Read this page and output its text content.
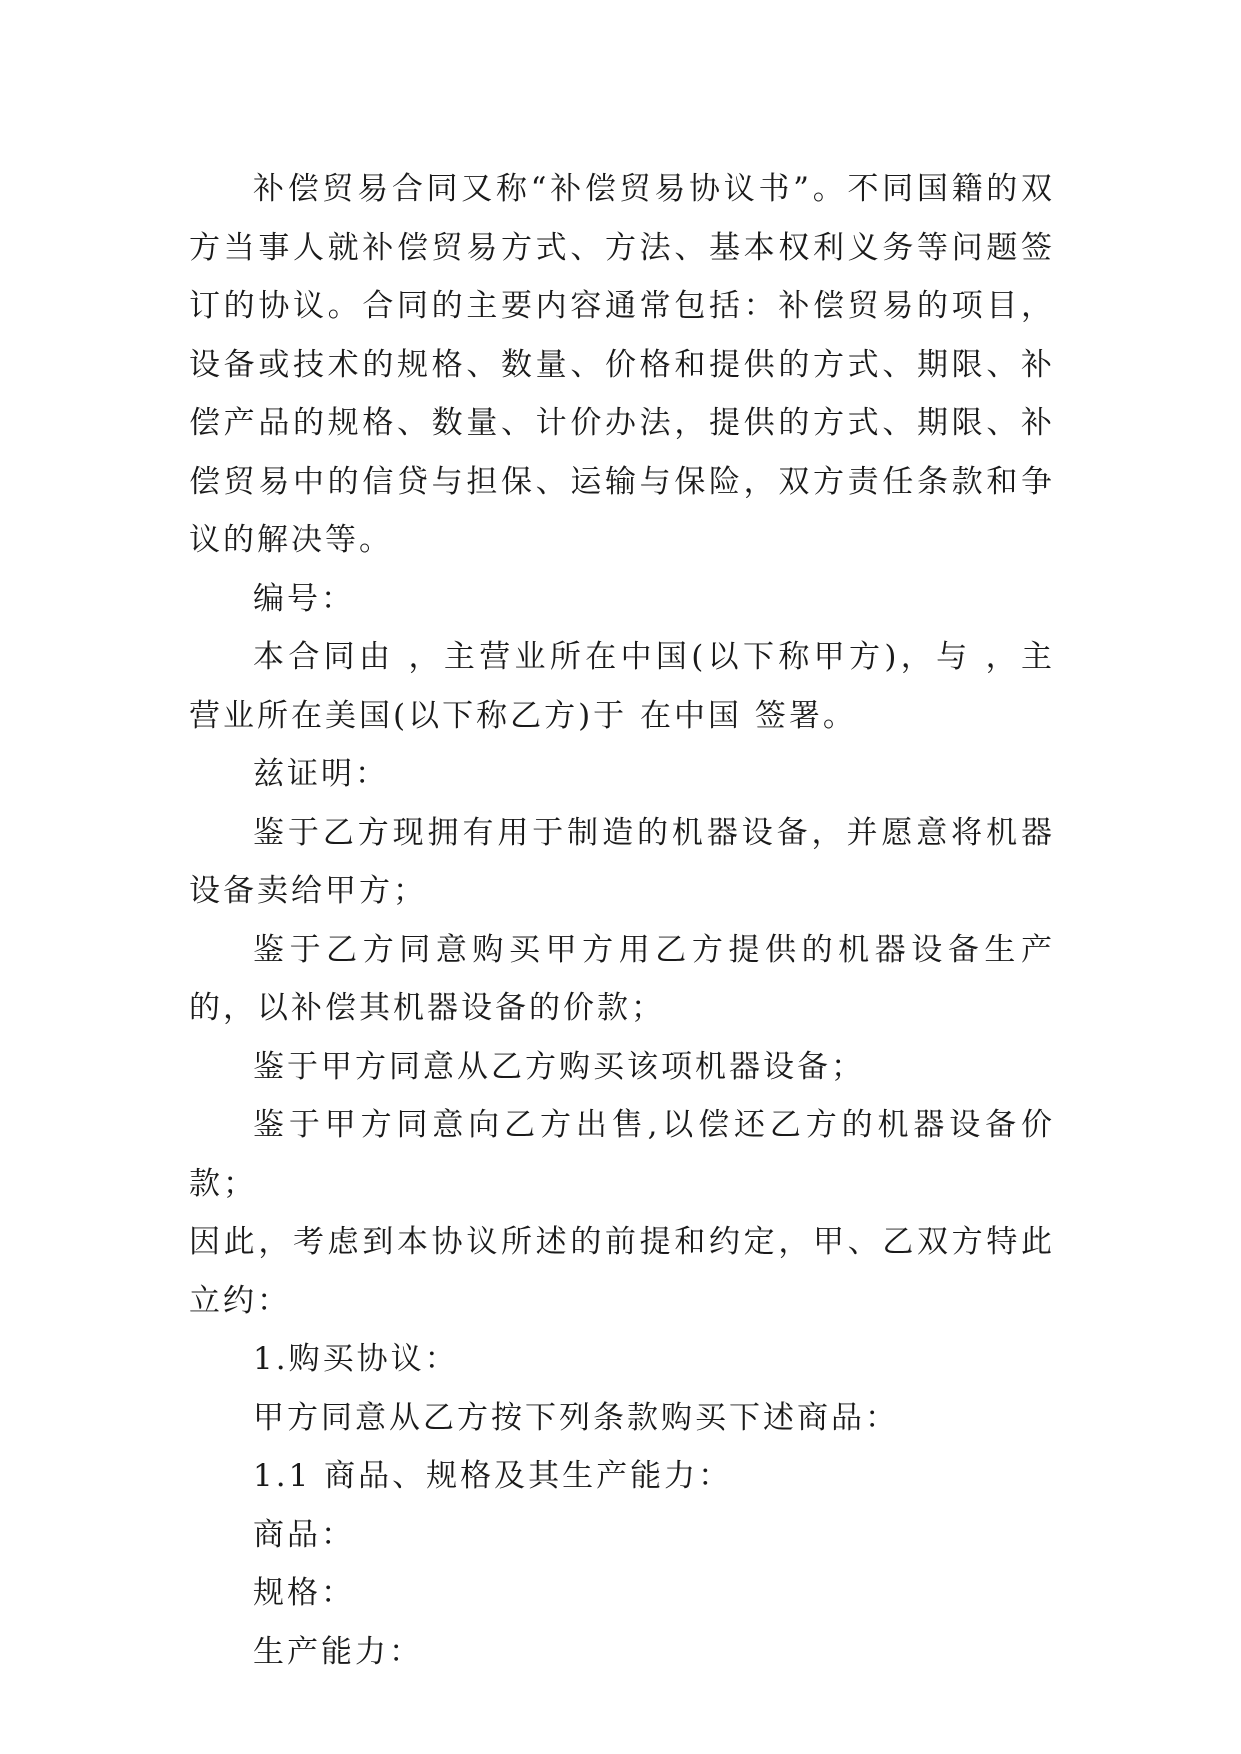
补偿贸易合同又称“补偿贸易协议书”。不同国籍的双方当事人就补偿贸易方式、方法、基本权利义务等问题签订的协议。合同的主要内容通常包括：补偿贸易的项目，设备或技术的规格、数量、价格和提供的方式、期限、补偿产品的规格、数量、计价办法，提供的方式、期限、补偿贸易中的信贷与担保、运输与保险，双方责任条款和争议的解决等。

编号：

本合同由 ，主营业所在中国(以下称甲方)，与 ，主营业所在美国(以下称乙方)于 在中国 签署。

兹证明：

鉴于乙方现拥有用于制造的机器设备，并愿意将机器设备卖给甲方；

鉴于乙方同意购买甲方用乙方提供的机器设备生产的，以补偿其机器设备的价款；

鉴于甲方同意从乙方购买该项机器设备；

鉴于甲方同意向乙方出售,以偿还乙方的机器设备价款；

因此，考虑到本协议所述的前提和约定，甲、乙双方特此立约：

1.购买协议：

甲方同意从乙方按下列条款购买下述商品：

1.1 商品、规格及其生产能力：

商品：

规格：

生产能力：
